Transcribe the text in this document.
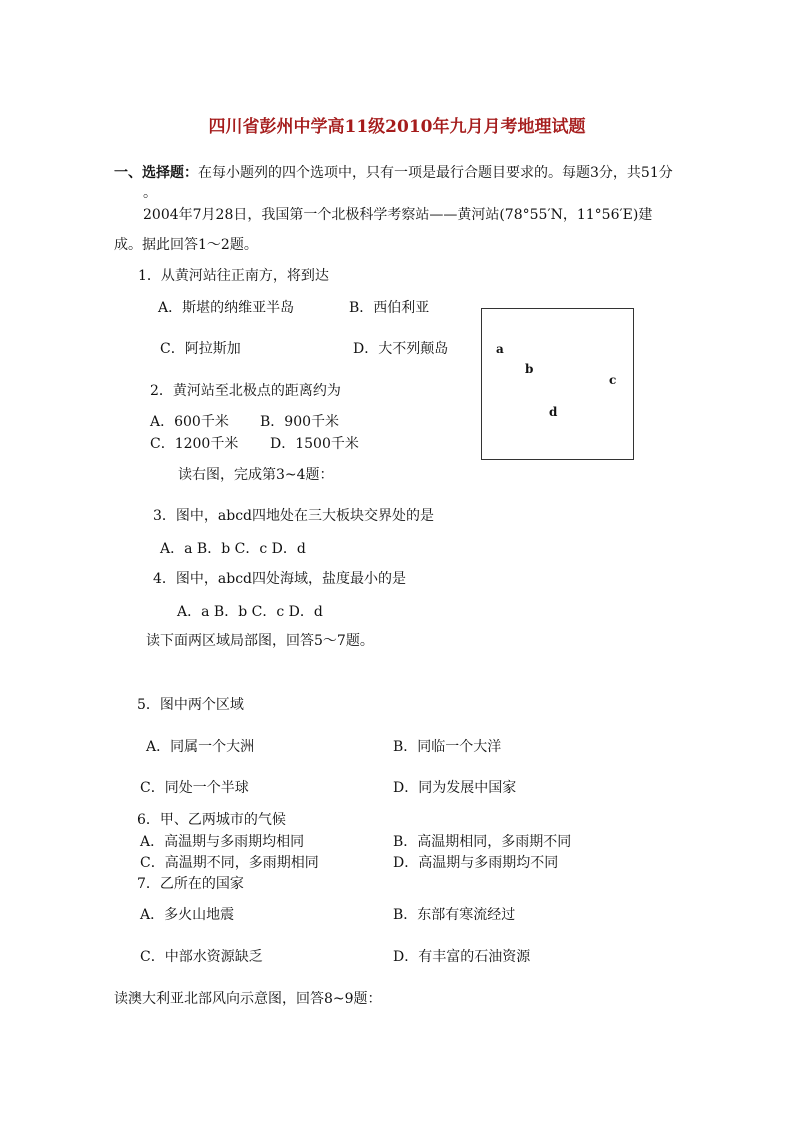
四川省彭州中学高11级2010年九月月考地理试题
一、选择题：在每小题列的四个选项中，只有一项是最行合题目要求的。每题3分，共51分
。
2004年7月28日，我国第一个北极科学考察站——黄河站(78°55′N，11°56′E)建
成。据此回答1～2题。
1．从黄河站往正南方，将到达
A．斯堪的纳维亚半岛	B．西伯利亚
C．阿拉斯加	D．大不列颠岛
2．黄河站至北极点的距离约为
A．600千米 B．900千米
C．1200千米 D．1500千米
读右图，完成第3~4题：
a
b
c
d
3．图中，abcd四地处在三大板块交界处的是
A．a B．b C．c D．d
4．图中，abcd四处海域，盐度最小的是
A．a B．b C．c D．d
读下面两区域局部图，回答5～7题。
5．图中两个区域
A．同属一个大洲	B．同临一个大洋
C．同处一个半球	D．同为发展中国家
6．甲、乙两城市的气候
A．高温期与多雨期均相同	B．高温期相同，多雨期不同
C．高温期不同，多雨期相同	D．高温期与多雨期均不同
7．乙所在的国家
A．多火山地震	B．东部有寒流经过
C．中部水资源缺乏	D．有丰富的石油资源
读澳大利亚北部风向示意图，回答8~9题：
